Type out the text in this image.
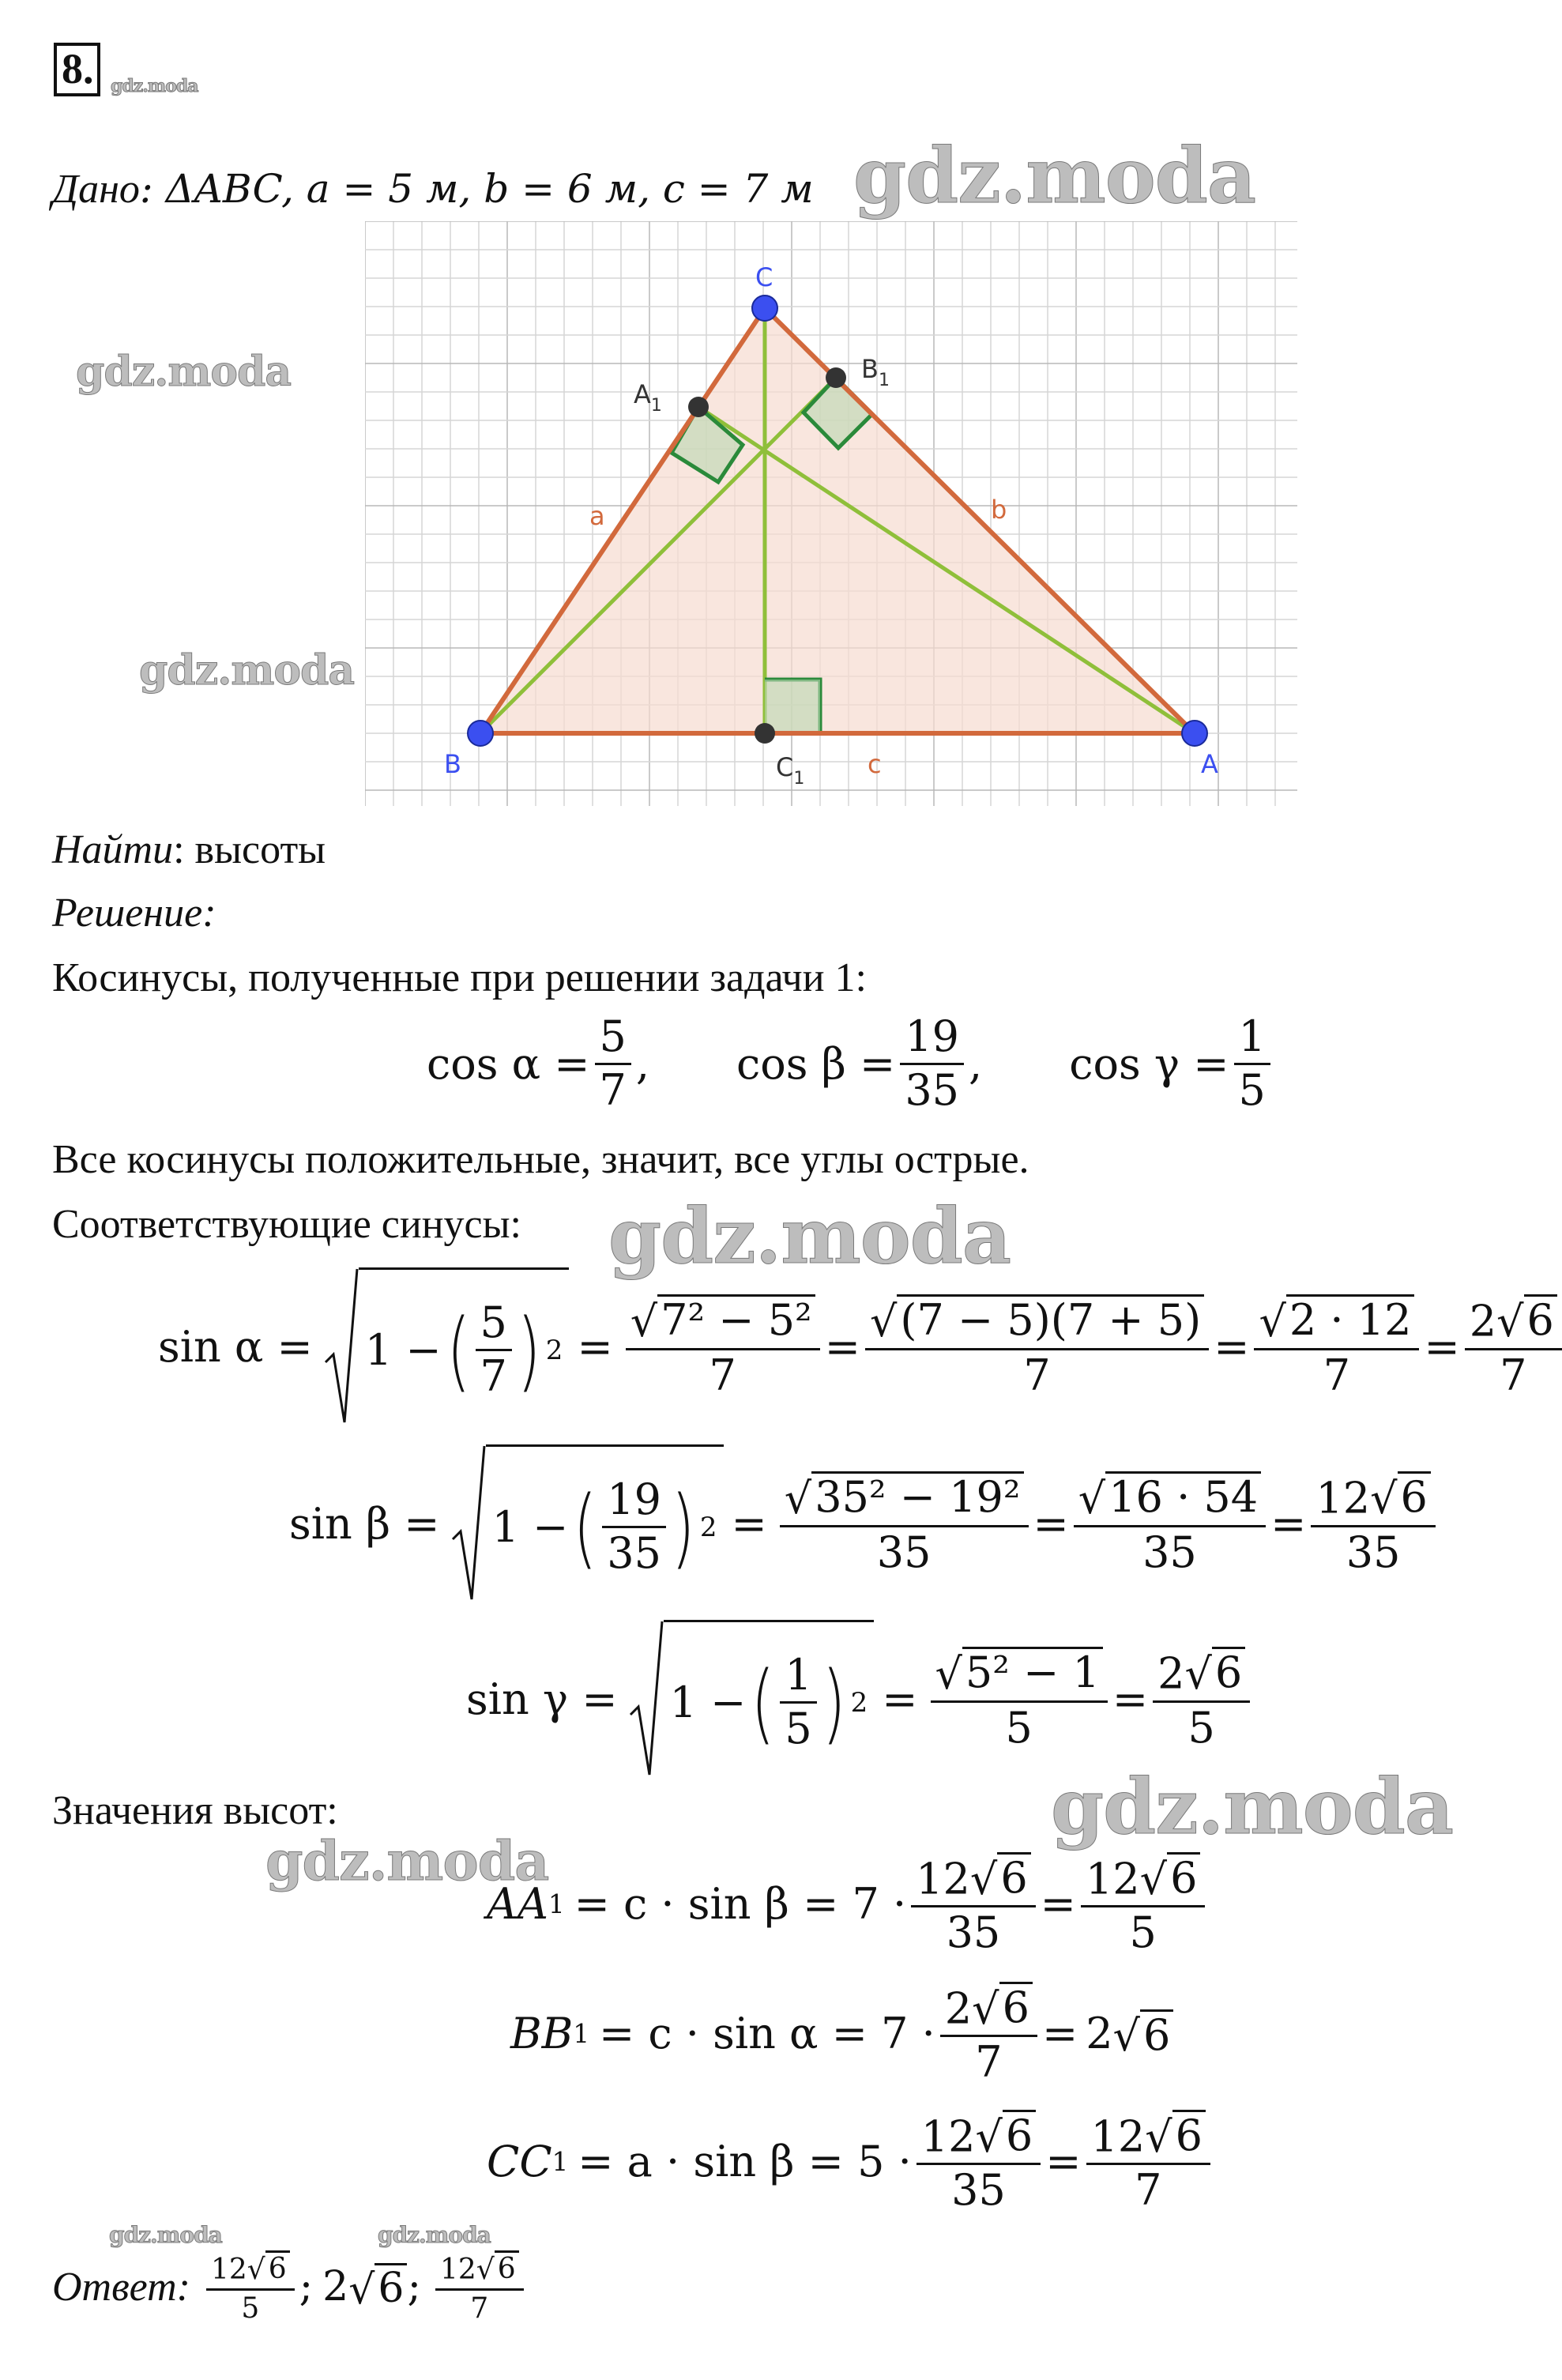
8. gdz.moda
Дано: ΔABC, a = 5 м, b = 6 м, c = 7 м gdz.moda
A
B
C
a	b
c
$A_1$
$B_1$
$C_1$
gdz.moda
gdz.moda
Найти: высоты
Решение:
Косинусы, полученные при решении задачи 1:
$\cos \alpha = \frac{5}{7}$ , $\cos \beta = \frac{19}{35}$ , $\cos \gamma = \frac{1}{5}$
Все косинусы положительные, значит, все углы острые.
Соответствующие синусы: gdz.moda
sin α = 1 − ( $\frac{5}{7}$ ) $2 = \frac{\text{√ 7² − 5²}}{7} = \frac{√ (7 - 5)(7 + 5)}{7} = \frac{√ 2 \cdot 12}{7} = \frac{2 √ 6}{7}$
sin β = 1 − ( $\frac{19}{35}$ ) $2 = \frac{\text{√ 35² − 19²}}{35} = \frac{√ 16 \cdot 54}{35} = \frac{12 √ 6}{35}$
sin γ = 1 − ( $\frac{1}{5}$ ) $2 = \frac{\text{√ 5² − 1}}{5} = \frac{2 √ 6}{5}$
Значения высот:	gdz.moda
gdz.moda
AA $1 = c \cdot \sin \beta = 7 \cdot \frac{12 √ 6}{35} = \frac{12 √ 6}{5}$
BB $1 = c \cdot \sin \alpha = 7 \cdot \frac{2 √ 6}{7} = 2$ √ 6
CC $1 = a \cdot \sin \beta = 5 \cdot \frac{12 √ 6}{35} = \frac{12 √ 6}{7}$
gdz.moda	gdz.moda
Ответ: $\frac{12 √ 6}{5}$ ; 2 √ 6 ; $\frac{12 √ 6}{7}$
